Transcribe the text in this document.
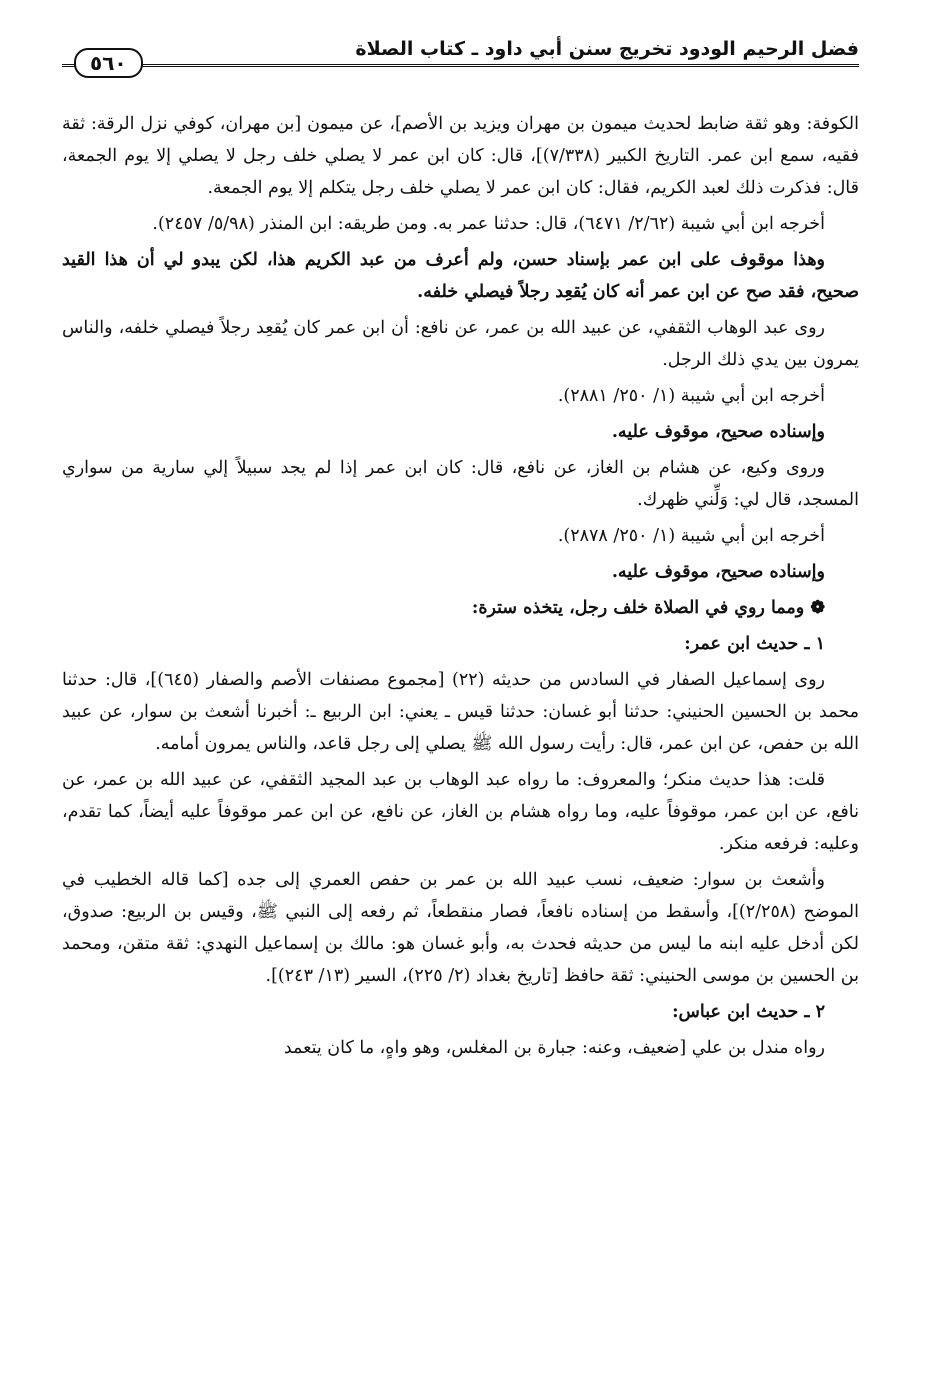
فضل الرحيم الودود تخريج سنن أبي داود ـ كتاب الصلاة
٥٦٠

الكوفة: وهو ثقة ضابط لحديث ميمون بن مهران ويزيد بن الأصم]، عن ميمون [بن مهران، كوفي نزل الرقة: ثقة فقيه، سمع ابن عمر. التاريخ الكبير (٧/٣٣٨)]، قال: كان ابن عمر لا يصلي خلف رجل لا يصلي إلا يوم الجمعة، قال: فذكرت ذلك لعبد الكريم، فقال: كان ابن عمر لا يصلي خلف رجل يتكلم إلا يوم الجمعة.

أخرجه ابن أبي شيبة (٢/٦٢/ ٦٤٧١)، قال: حدثنا عمر به. ومن طريقه: ابن المنذر (٥/٩٨/ ٢٤٥٧).

وهذا موقوف على ابن عمر بإسناد حسن، ولم أعرف من عبد الكريم هذا، لكن يبدو لي أن هذا القيد صحيح، فقد صح عن ابن عمر أنه كان يُقعِد رجلاً فيصلي خلفه.

روى عبد الوهاب الثقفي، عن عبيد الله بن عمر، عن نافع: أن ابن عمر كان يُقعِد رجلاً فيصلي خلفه، والناس يمرون بين يدي ذلك الرجل.

أخرجه ابن أبي شيبة (١/ ٢٥٠/ ٢٨٨١).

وإسناده صحيح، موقوف عليه.

وروى وكيع، عن هشام بن الغاز، عن نافع، قال: كان ابن عمر إذا لم يجد سبيلاً إلي سارية من سواري المسجد، قال لي: وَلِّني ظهرك.

أخرجه ابن أبي شيبة (١/ ٢٥٠/ ٢٨٧٨).

وإسناده صحيح، موقوف عليه.

❁ ومما روي في الصلاة خلف رجل، يتخذه سترة:

١ ـ حديث ابن عمر:

روى إسماعيل الصفار في السادس من حديثه (٢٢) [مجموع مصنفات الأصم والصفار (٦٤٥)]، قال: حدثنا محمد بن الحسين الحنيني: حدثنا أبو غسان: حدثنا قيس ـ يعني: ابن الربيع ـ: أخبرنا أشعث بن سوار، عن عبيد الله بن حفص، عن ابن عمر، قال: رأيت رسول الله ﷺ يصلي إلى رجل قاعد، والناس يمرون أمامه.

قلت: هذا حديث منكر؛ والمعروف: ما رواه عبد الوهاب بن عبد المجيد الثقفي، عن عبيد الله بن عمر، عن نافع، عن ابن عمر، موقوفاً عليه، وما رواه هشام بن الغاز، عن نافع، عن ابن عمر موقوفاً عليه أيضاً، كما تقدم، وعليه: فرفعه منكر.

وأشعث بن سوار: ضعيف، نسب عبيد الله بن عمر بن حفص العمري إلى جده [كما قاله الخطيب في الموضح (٢/٢٥٨)]، وأسقط من إسناده نافعاً، فصار منقطعاً، ثم رفعه إلى النبي ﷺ، وقيس بن الربيع: صدوق، لكن أدخل عليه ابنه ما ليس من حديثه فحدث به، وأبو غسان هو: مالك بن إسماعيل النهدي: ثقة متقن، ومحمد بن الحسين بن موسى الحنيني: ثقة حافظ [تاريخ بغداد (٢/ ٢٢٥)، السير (١٣/ ٢٤٣)].

٢ ـ حديث ابن عباس:

رواه مندل بن علي [ضعيف، وعنه: جبارة بن المغلس، وهو واهٍ، ما كان يتعمد
